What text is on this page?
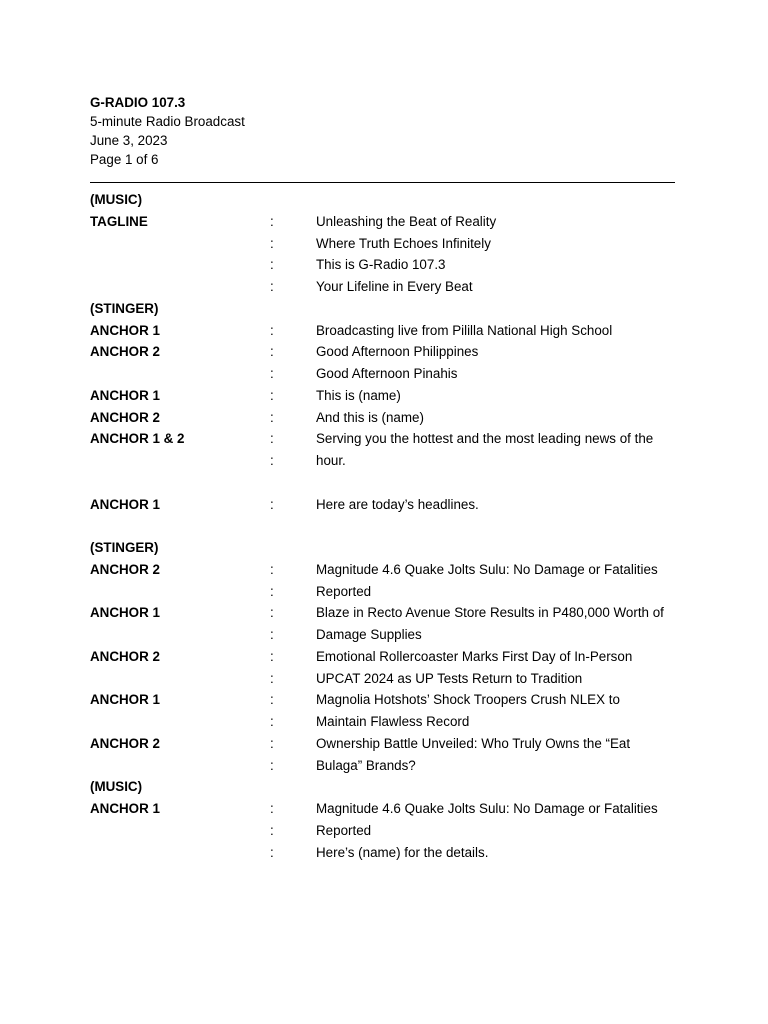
G-RADIO 107.3
5-minute Radio Broadcast
June 3, 2023
Page 1 of 6
(MUSIC)
TAGLINE	:	Unleashing the Beat of Reality
:	Where Truth Echoes Infinitely
:	This is G-Radio 107.3
:	Your Lifeline in Every Beat
(STINGER)
ANCHOR 1	:	Broadcasting live from Pililla National High School
ANCHOR 2	:	Good Afternoon Philippines
:	Good Afternoon Pinahis
ANCHOR 1	:	This is (name)
ANCHOR 2	:	And this is (name)
ANCHOR 1 & 2	:	Serving you the hottest and the most leading news of the
:	hour.
ANCHOR 1	:	Here are today’s headlines.
(STINGER)
ANCHOR 2	:	Magnitude 4.6 Quake Jolts Sulu: No Damage or Fatalities
:	Reported
ANCHOR 1	:	Blaze in Recto Avenue Store Results in P480,000 Worth of
:	Damage Supplies
ANCHOR 2	:	Emotional Rollercoaster Marks First Day of In-Person
:	UPCAT 2024 as UP Tests Return to Tradition
ANCHOR 1	:	Magnolia Hotshots’ Shock Troopers Crush NLEX to
:	Maintain Flawless Record
ANCHOR 2	:	Ownership Battle Unveiled: Who Truly Owns the “Eat
:	Bulaga” Brands?
(MUSIC)
ANCHOR 1	:	Magnitude 4.6 Quake Jolts Sulu: No Damage or Fatalities
:	Reported
:	Here’s (name) for the details.
